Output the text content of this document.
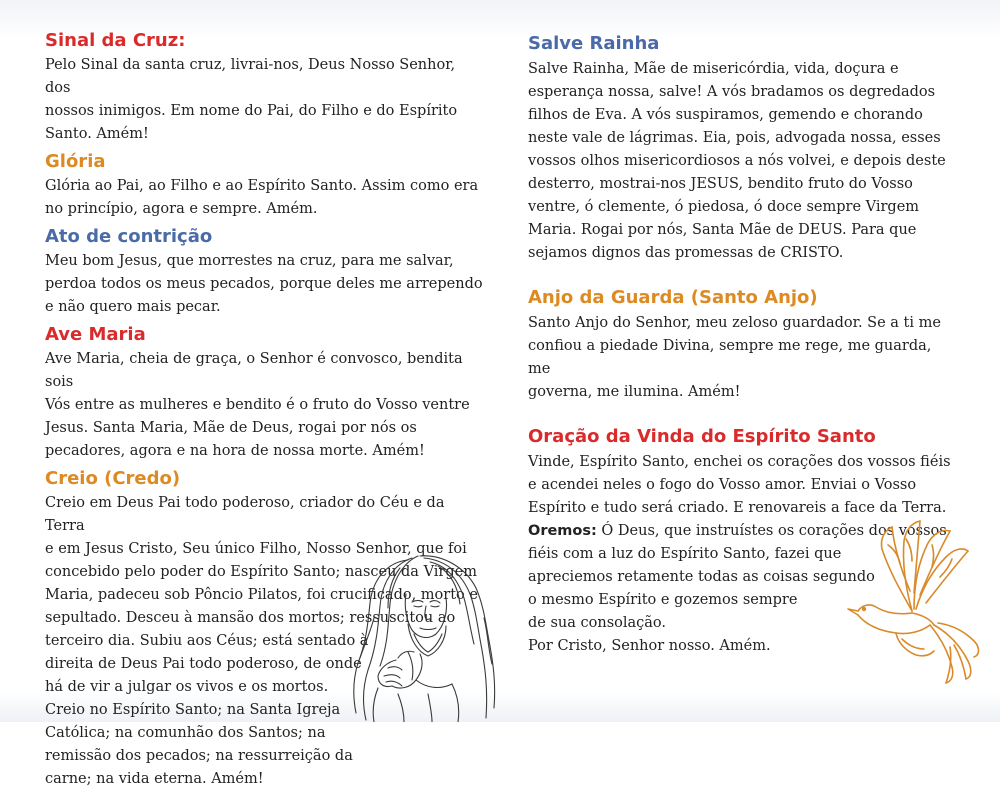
Sinal da Cruz:

Pelo Sinal da santa cruz, livrai-nos, Deus Nosso Senhor, dos
nossos inimigos. Em nome do Pai, do Filho e do Espírito
Santo. Amém!

Glória

Glória ao Pai, ao Filho e ao Espírito Santo. Assim como era
no princípio, agora e sempre. Amém.

Ato de contrição

Meu bom Jesus, que morrestes na cruz, para me salvar,
perdoa todos os meus pecados, porque deles me arrependo
e não quero mais pecar.

Ave Maria

Ave Maria, cheia de graça, o Senhor é convosco, bendita sois
Vós entre as mulheres e bendito é o fruto do Vosso ventre
Jesus. Santa Maria, Mãe de Deus, rogai por nós os
pecadores, agora e na hora de nossa morte. Amém!

Creio (Credo)

Creio em Deus Pai todo poderoso, criador do Céu e da Terra
e em Jesus Cristo, Seu único Filho, Nosso Senhor, que foi
concebido pelo poder do Espírito Santo; nasceu da Virgem
Maria, padeceu sob Pôncio Pilatos, foi crucificado, morto e
sepultado. Desceu à mansão dos mortos; ressuscitou ao
terceiro dia. Subiu aos Céus; está sentado à
direita de Deus Pai todo poderoso, de onde
há de vir a julgar os vivos e os mortos.
Creio no Espírito Santo; na Santa Igreja
Católica; na comunhão dos Santos; na
remissão dos pecados; na ressurreição da
carne; na vida eterna. Amém!

Salve Rainha

Salve Rainha, Mãe de misericórdia, vida, doçura e
esperança nossa, salve! A vós bradamos os degredados
filhos de Eva. A vós suspiramos, gemendo e chorando
neste vale de lágrimas. Eia, pois, advogada nossa, esses
vossos olhos misericordiosos a nós volvei, e depois deste
desterro, mostrai-nos JESUS, bendito fruto do Vosso
ventre, ó clemente, ó piedosa, ó doce sempre Virgem
Maria. Rogai por nós, Santa Mãe de DEUS. Para que
sejamos dignos das promessas de CRISTO.

Anjo da Guarda (Santo Anjo)

Santo Anjo do Senhor, meu zeloso guardador. Se a ti me
confiou a piedade Divina, sempre me rege, me guarda, me
governa, me ilumina. Amém!

Oração da Vinda do Espírito Santo

Vinde, Espírito Santo, enchei os corações dos vossos fiéis
e acendei neles o fogo do Vosso amor. Enviai o Vosso
Espírito e tudo será criado. E renovareis a face da Terra.

Oremos: Ó Deus, que instruístes os corações dos vossos
fiéis com a luz do Espírito Santo, fazei que
apreciemos retamente todas as coisas segundo
o mesmo Espírito e gozemos sempre
de sua consolação.
Por Cristo, Senhor nosso. Amém.
